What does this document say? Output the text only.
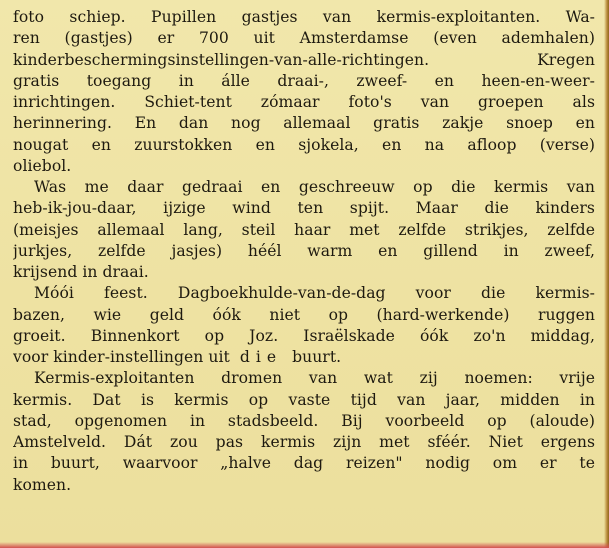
foto schiep. Pupillen gastjes van kermis-exploitanten. Wa-
ren (gastjes) er 700 uit Amsterdamse (even ademhalen)
kinderbeschermingsinstellingen-van-alle-richtingen. Kregen
gratis toegang in álle draai-, zweef- en heen-en-weer-
inrichtingen. Schiet-tent zómaar foto's van groepen als
herinnering. En dan nog allemaal gratis zakje snoep en
nougat en zuurstokken en sjokela, en na afloop (verse)
oliebol.
Was me daar gedraai en geschreeuw op die kermis van
heb-ik-jou-daar, ijzige wind ten spijt. Maar die kinders
(meisjes allemaal lang, steil haar met zelfde strikjes, zelfde
jurkjes, zelfde jasjes) héél warm en gillend in zweef,
krijsend in draai.
Móói feest. Dagboekhulde-van-de-dag voor die kermis-
bazen, wie geld óók niet op (hard-werkende) ruggen
groeit. Binnenkort op Joz. Israëlskade óók zo'n middag,
voor kinder-instellingen uit die buurt.
Kermis-exploitanten dromen van wat zij noemen: vrije
kermis. Dat is kermis op vaste tijd van jaar, midden in
stad, opgenomen in stadsbeeld. Bij voorbeeld op (aloude)
Amstelveld. Dát zou pas kermis zijn met sféér. Niet ergens
in buurt, waarvoor „halve dag reizen" nodig om er te
komen.
